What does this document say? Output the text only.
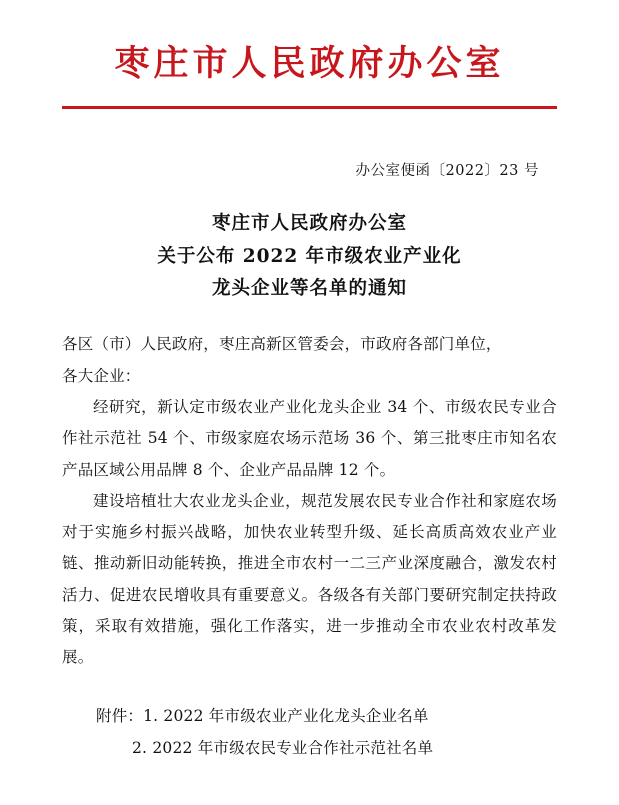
枣庄市人民政府办公室
办公室便函〔2022〕23 号
枣庄市人民政府办公室
关于公布 2022 年市级农业产业化
龙头企业等名单的通知
各区（市）人民政府，枣庄高新区管委会，市政府各部门单位，
各大企业：
经研究，新认定市级农业产业化龙头企业 34 个、市级农民专业合作社示范社 54 个、市级家庭农场示范场 36 个、第三批枣庄市知名农产品区域公用品牌 8 个、企业产品品牌 12 个。
建设培植壮大农业龙头企业，规范发展农民专业合作社和家庭农场对于实施乡村振兴战略，加快农业转型升级、延长高质高效农业产业链、推动新旧动能转换，推进全市农村一二三产业深度融合，激发农村活力、促进农民增收具有重要意义。各级各有关部门要研究制定扶持政策，采取有效措施，强化工作落实，进一步推动全市农业农村改革发展。
附件：1. 2022 年市级农业产业化龙头企业名单
2. 2022 年市级农民专业合作社示范社名单
